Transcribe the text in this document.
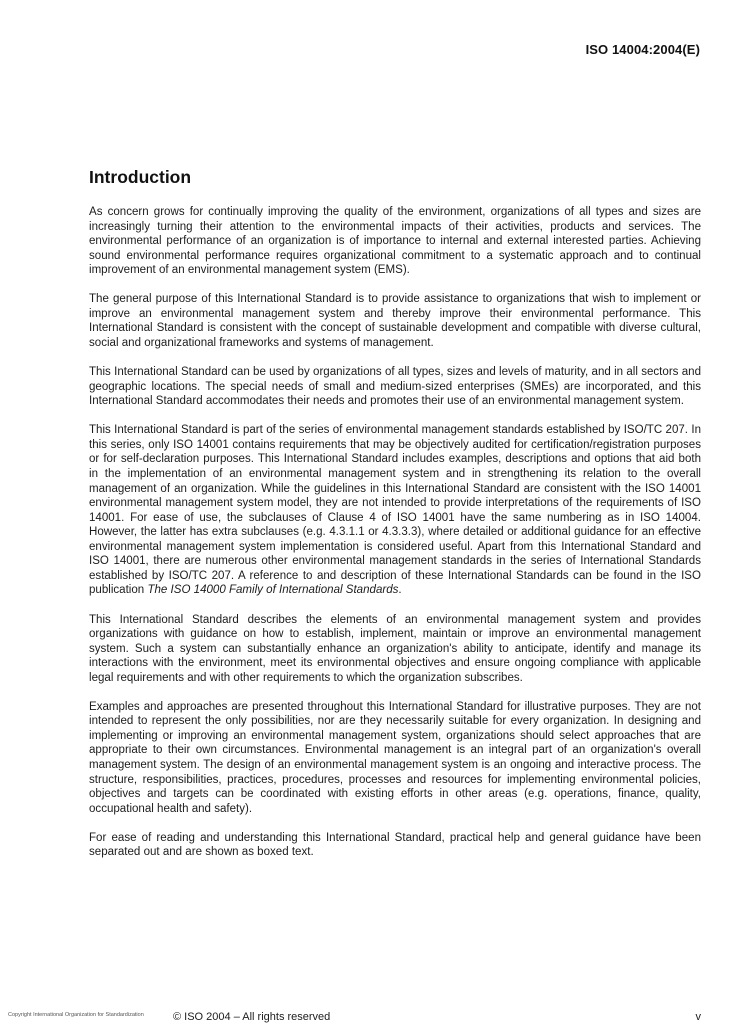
ISO 14004:2004(E)
Introduction

As concern grows for continually improving the quality of the environment, organizations of all types and sizes are increasingly turning their attention to the environmental impacts of their activities, products and services. The environmental performance of an organization is of importance to internal and external interested parties. Achieving sound environmental performance requires organizational commitment to a systematic approach and to continual improvement of an environmental management system (EMS).

The general purpose of this International Standard is to provide assistance to organizations that wish to implement or improve an environmental management system and thereby improve their environmental performance. This International Standard is consistent with the concept of sustainable development and compatible with diverse cultural, social and organizational frameworks and systems of management.

This International Standard can be used by organizations of all types, sizes and levels of maturity, and in all sectors and geographic locations. The special needs of small and medium-sized enterprises (SMEs) are incorporated, and this International Standard accommodates their needs and promotes their use of an environmental management system.

This International Standard is part of the series of environmental management standards established by ISO/TC 207. In this series, only ISO 14001 contains requirements that may be objectively audited for certification/registration purposes or for self-declaration purposes. This International Standard includes examples, descriptions and options that aid both in the implementation of an environmental management system and in strengthening its relation to the overall management of an organization. While the guidelines in this International Standard are consistent with the ISO 14001 environmental management system model, they are not intended to provide interpretations of the requirements of ISO 14001. For ease of use, the subclauses of Clause 4 of ISO 14001 have the same numbering as in ISO 14004. However, the latter has extra subclauses (e.g. 4.3.1.1 or 4.3.3.3), where detailed or additional guidance for an effective environmental management system implementation is considered useful. Apart from this International Standard and ISO 14001, there are numerous other environmental management standards in the series of International Standards established by ISO/TC 207. A reference to and description of these International Standards can be found in the ISO publication The ISO 14000 Family of International Standards.

This International Standard describes the elements of an environmental management system and provides organizations with guidance on how to establish, implement, maintain or improve an environmental management system. Such a system can substantially enhance an organization's ability to anticipate, identify and manage its interactions with the environment, meet its environmental objectives and ensure ongoing compliance with applicable legal requirements and with other requirements to which the organization subscribes.

Examples and approaches are presented throughout this International Standard for illustrative purposes. They are not intended to represent the only possibilities, nor are they necessarily suitable for every organization. In designing and implementing or improving an environmental management system, organizations should select approaches that are appropriate to their own circumstances. Environmental management is an integral part of an organization's overall management system. The design of an environmental management system is an ongoing and interactive process. The structure, responsibilities, practices, procedures, processes and resources for implementing environmental policies, objectives and targets can be coordinated with existing efforts in other areas (e.g. operations, finance, quality, occupational health and safety).

For ease of reading and understanding this International Standard, practical help and general guidance have been separated out and are shown as boxed text.

Copyright International Organization for Standardization	© ISO 2004 – All rights reserved	v
